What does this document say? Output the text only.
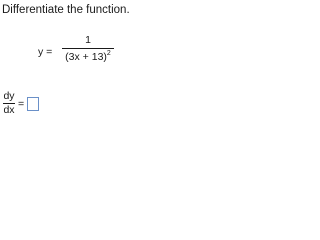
Differentiate the function.
y =
1
$(3x + 13)^2$
dy
dx =
